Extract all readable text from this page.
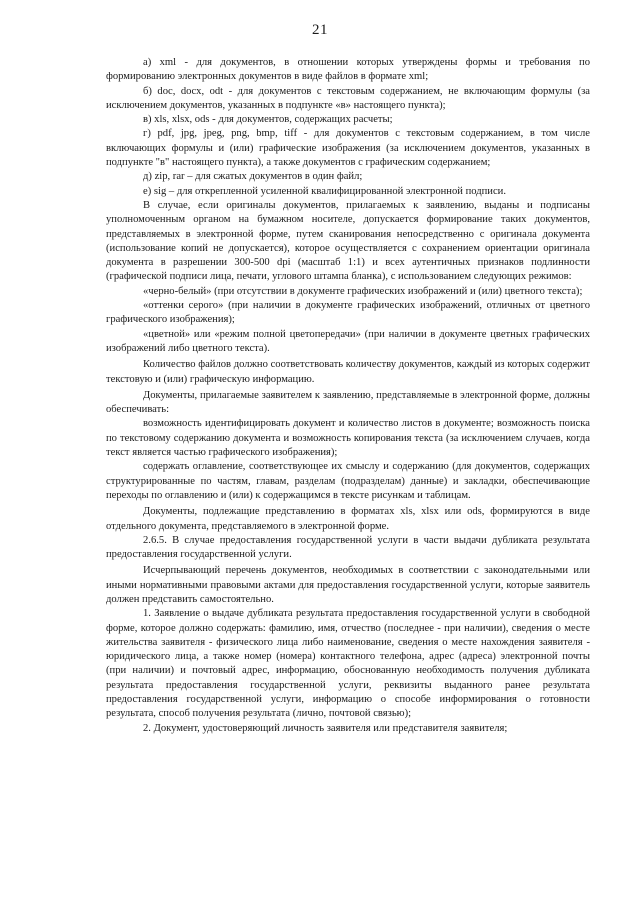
21

а) xml - для документов, в отношении которых утверждены формы и требования по формированию электронных документов в виде файлов в формате xml;

б) doc, docx, odt - для документов с текстовым содержанием, не включающим формулы (за исключением документов, указанных в подпункте «в» настоящего пункта);

в) xls, xlsx, ods - для документов, содержащих расчеты;

г) pdf, jpg, jpeg, png, bmp, tiff - для документов с текстовым содержанием, в том числе включающих формулы и (или) графические изображения (за исключением документов, указанных в подпункте "в" настоящего пункта), а также документов с графическим содержанием;

д) zip, rar – для сжатых документов в один файл;

е) sig – для открепленной усиленной квалифицированной электронной подписи.

В случае, если оригиналы документов, прилагаемых к заявлению, выданы и подписаны уполномоченным органом на бумажном носителе, допускается формирование таких документов, представляемых в электронной форме, путем сканирования непосредственно с оригинала документа (использование копий не допускается), которое осуществляется с сохранением ориентации оригинала документа в разрешении 300-500 dpi (масштаб 1:1) и всех аутентичных признаков подлинности (графической подписи лица, печати, углового штампа бланка), с использованием следующих режимов:

«черно-белый» (при отсутствии в документе графических изображений и (или) цветного текста);

«оттенки серого» (при наличии в документе графических изображений, отличных от цветного графического изображения);

«цветной» или «режим полной цветопередачи» (при наличии в документе цветных графических изображений либо цветного текста).

Количество файлов должно соответствовать количеству документов, каждый из которых содержит текстовую и (или) графическую информацию.

Документы, прилагаемые заявителем к заявлению, представляемые в электронной форме, должны обеспечивать:

возможность идентифицировать документ и количество листов в документе; возможность поиска по текстовому содержанию документа и возможность копирования текста (за исключением случаев, когда текст является частью графического изображения);

содержать оглавление, соответствующее их смыслу и содержанию (для документов, содержащих структурированные по частям, главам, разделам (подразделам) данные) и закладки, обеспечивающие переходы по оглавлению и (или) к содержащимся в тексте рисункам и таблицам.

Документы, подлежащие представлению в форматах xls, xlsx или ods, формируются в виде отдельного документа, представляемого в электронной форме.

2.6.5. В случае предоставления государственной услуги в части выдачи дубликата результата предоставления государственной услуги.

Исчерпывающий перечень документов, необходимых в соответствии с законодательными или иными нормативными правовыми актами для предоставления государственной услуги, которые заявитель должен представить самостоятельно.

1. Заявление о выдаче дубликата результата предоставления государственной услуги в свободной форме, которое должно содержать: фамилию, имя, отчество (последнее - при наличии), сведения о месте жительства заявителя - физического лица либо наименование, сведения о месте нахождения заявителя - юридического лица, а также номер (номера) контактного телефона, адрес (адреса) электронной почты (при наличии) и почтовый адрес, информацию, обоснованную необходимость получения дубликата результата предоставления государственной услуги, реквизиты выданного ранее результата предоставления государственной услуги, информацию о способе информирования о готовности результата, способ получения результата (лично, почтовой связью);

2. Документ, удостоверяющий личность заявителя или представителя заявителя;
